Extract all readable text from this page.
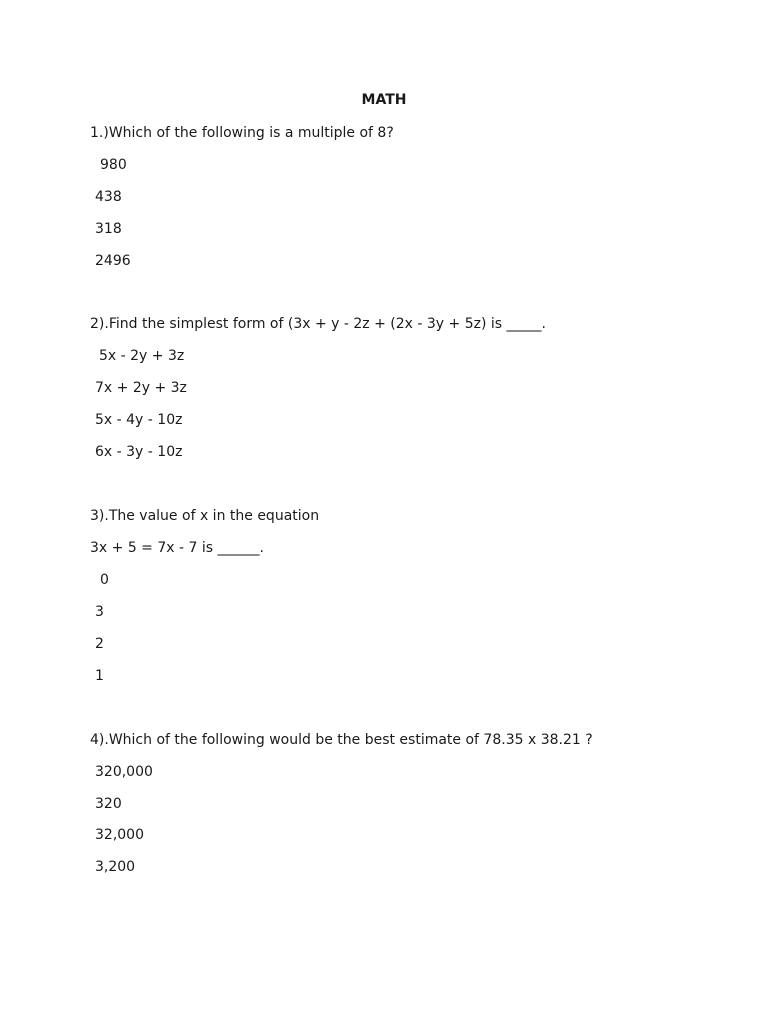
MATH
1.)Which of the following is a multiple of 8?
980
438
318
2496
2).Find the simplest form of (3x + y - 2z + (2x - 3y + 5z) is _____.
5x - 2y + 3z
7x + 2y + 3z
5x - 4y - 10z
6x - 3y - 10z
3).The value of x in the equation
3x + 5 = 7x - 7 is ______.
0
3
2
1
4).Which of the following would be the best estimate of 78.35 x 38.21 ?
320,000
320
32,000
3,200
